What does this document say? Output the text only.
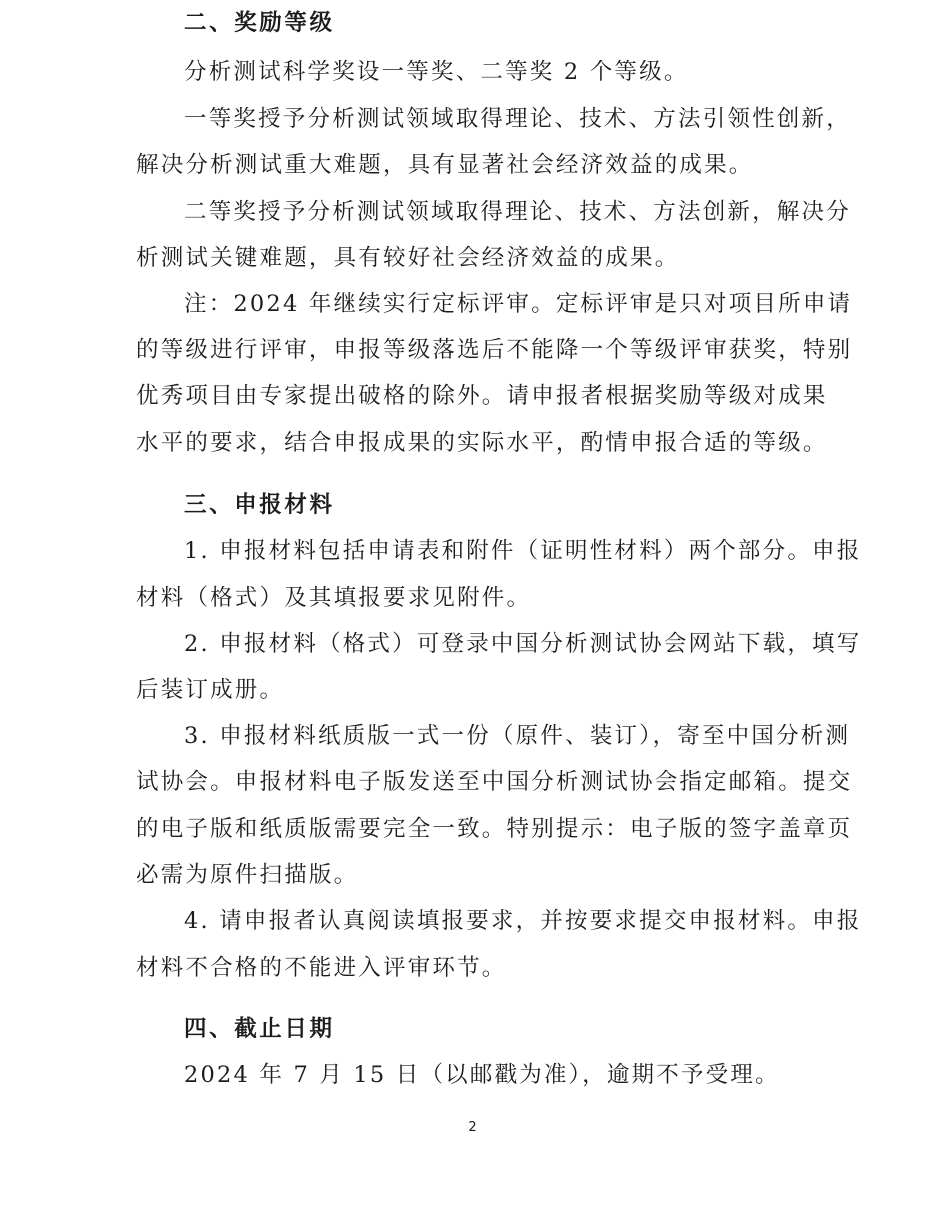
二、奖励等级
分析测试科学奖设一等奖、二等奖 2 个等级。
一等奖授予分析测试领域取得理论、技术、方法引领性创新，
解决分析测试重大难题，具有显著社会经济效益的成果。
二等奖授予分析测试领域取得理论、技术、方法创新，解决分
析测试关键难题，具有较好社会经济效益的成果。
注：2024 年继续实行定标评审。定标评审是只对项目所申请
的等级进行评审，申报等级落选后不能降一个等级评审获奖，特别
优秀项目由专家提出破格的除外。请申报者根据奖励等级对成果
水平的要求，结合申报成果的实际水平，酌情申报合适的等级。
三、申报材料
1. 申报材料包括申请表和附件（证明性材料）两个部分。申报
材料（格式）及其填报要求见附件。
2. 申报材料（格式）可登录中国分析测试协会网站下载，填写
后装订成册。
3. 申报材料纸质版一式一份（原件、装订），寄至中国分析测
试协会。申报材料电子版发送至中国分析测试协会指定邮箱。提交
的电子版和纸质版需要完全一致。特别提示：电子版的签字盖章页
必需为原件扫描版。
4. 请申报者认真阅读填报要求，并按要求提交申报材料。申报
材料不合格的不能进入评审环节。
四、截止日期
2024 年 7 月 15 日（以邮戳为准），逾期不予受理。
2
